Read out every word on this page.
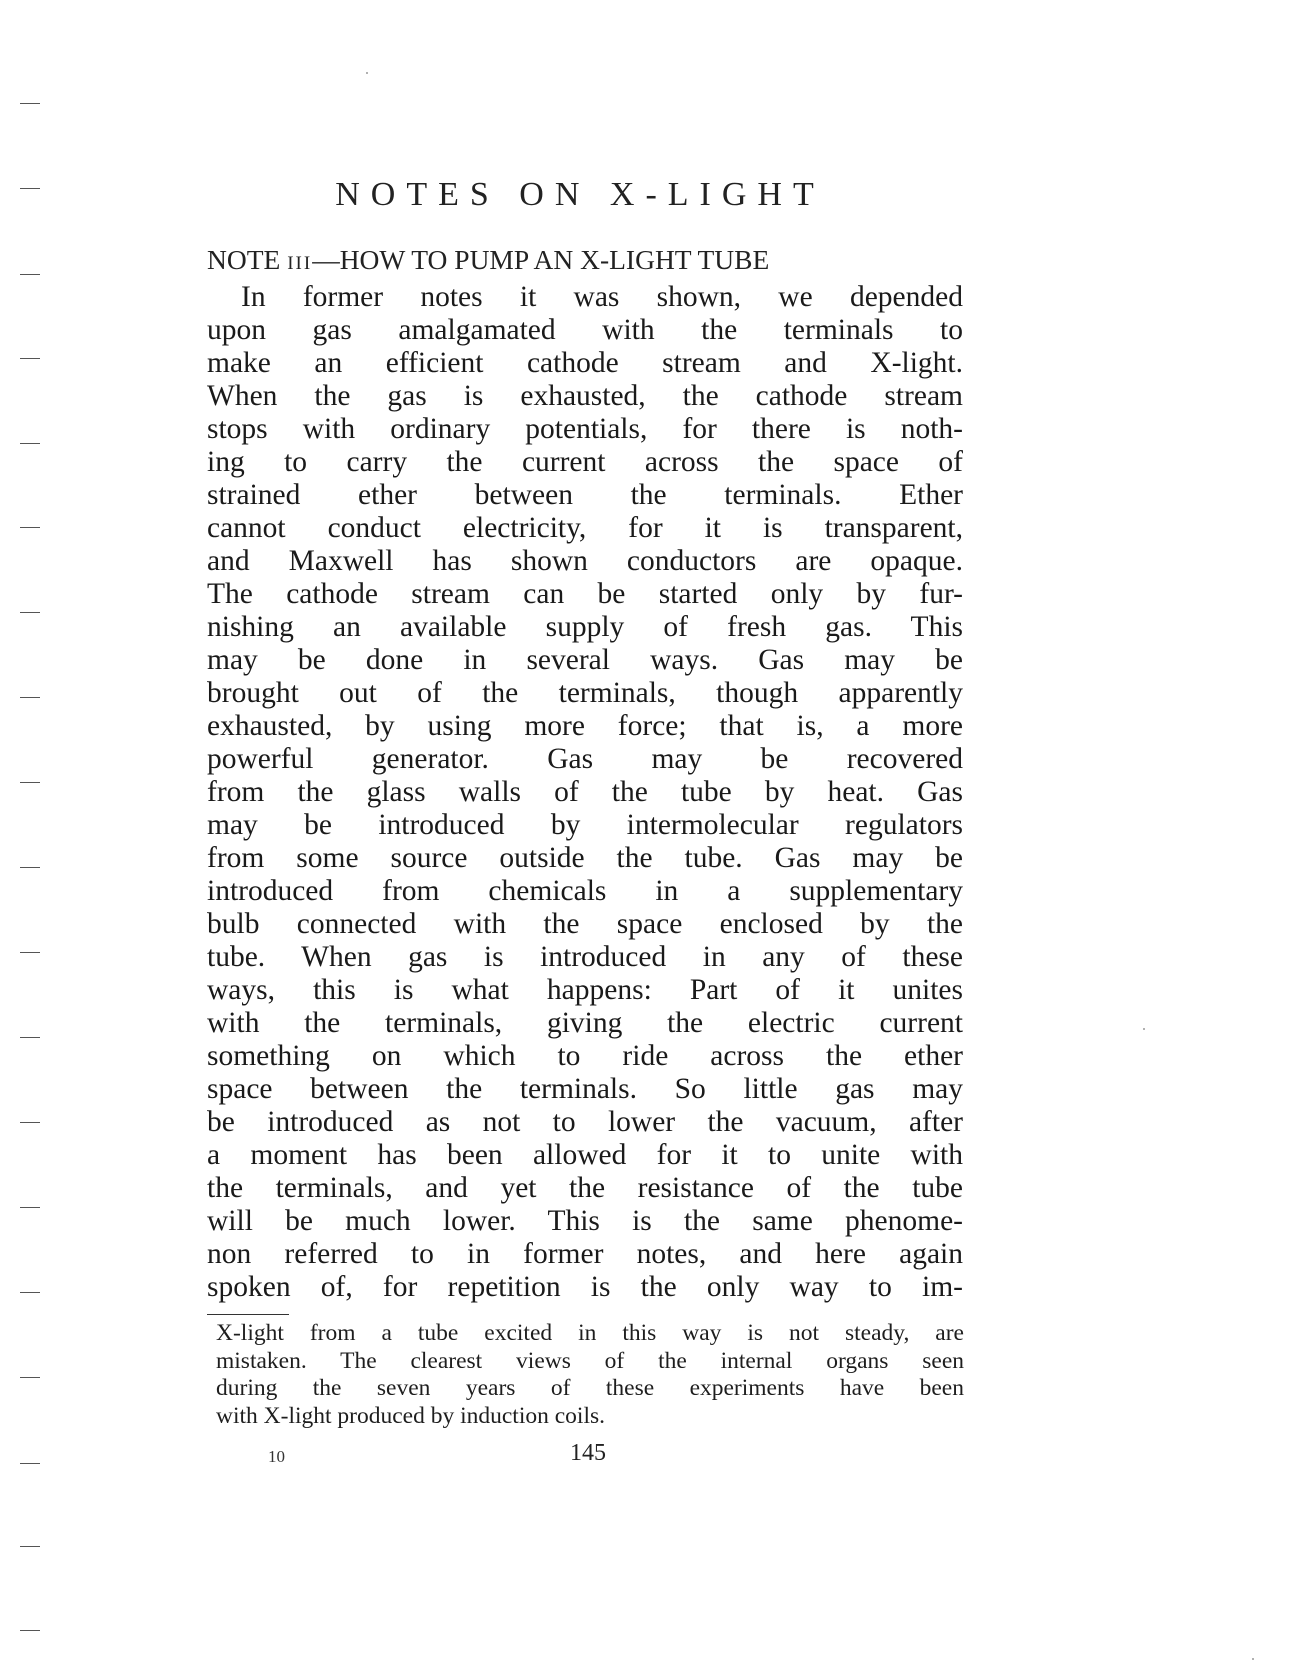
NOTES ON X-LIGHT
NOTE III—HOW TO PUMP AN X-LIGHT TUBE
In former notes it was shown, we depended
upon gas amalgamated with the terminals to
make an efficient cathode stream and X-light.
When the gas is exhausted, the cathode stream
stops with ordinary potentials, for there is noth-
ing to carry the current across the space of
strained ether between the terminals. Ether
cannot conduct electricity, for it is transparent,
and Maxwell has shown conductors are opaque.
The cathode stream can be started only by fur-
nishing an available supply of fresh gas. This
may be done in several ways. Gas may be
brought out of the terminals, though apparently
exhausted, by using more force; that is, a more
powerful generator. Gas may be recovered
from the glass walls of the tube by heat. Gas
may be introduced by intermolecular regulators
from some source outside the tube. Gas may be
introduced from chemicals in a supplementary
bulb connected with the space enclosed by the
tube. When gas is introduced in any of these
ways, this is what happens: Part of it unites
with the terminals, giving the electric current
something on which to ride across the ether
space between the terminals. So little gas may
be introduced as not to lower the vacuum, after
a moment has been allowed for it to unite with
the terminals, and yet the resistance of the tube
will be much lower. This is the same phenome-
non referred to in former notes, and here again
spoken of, for repetition is the only way to im-
X-light from a tube excited in this way is not steady, are
mistaken. The clearest views of the internal organs seen
during the seven years of these experiments have been
with X-light produced by induction coils.
10	145
